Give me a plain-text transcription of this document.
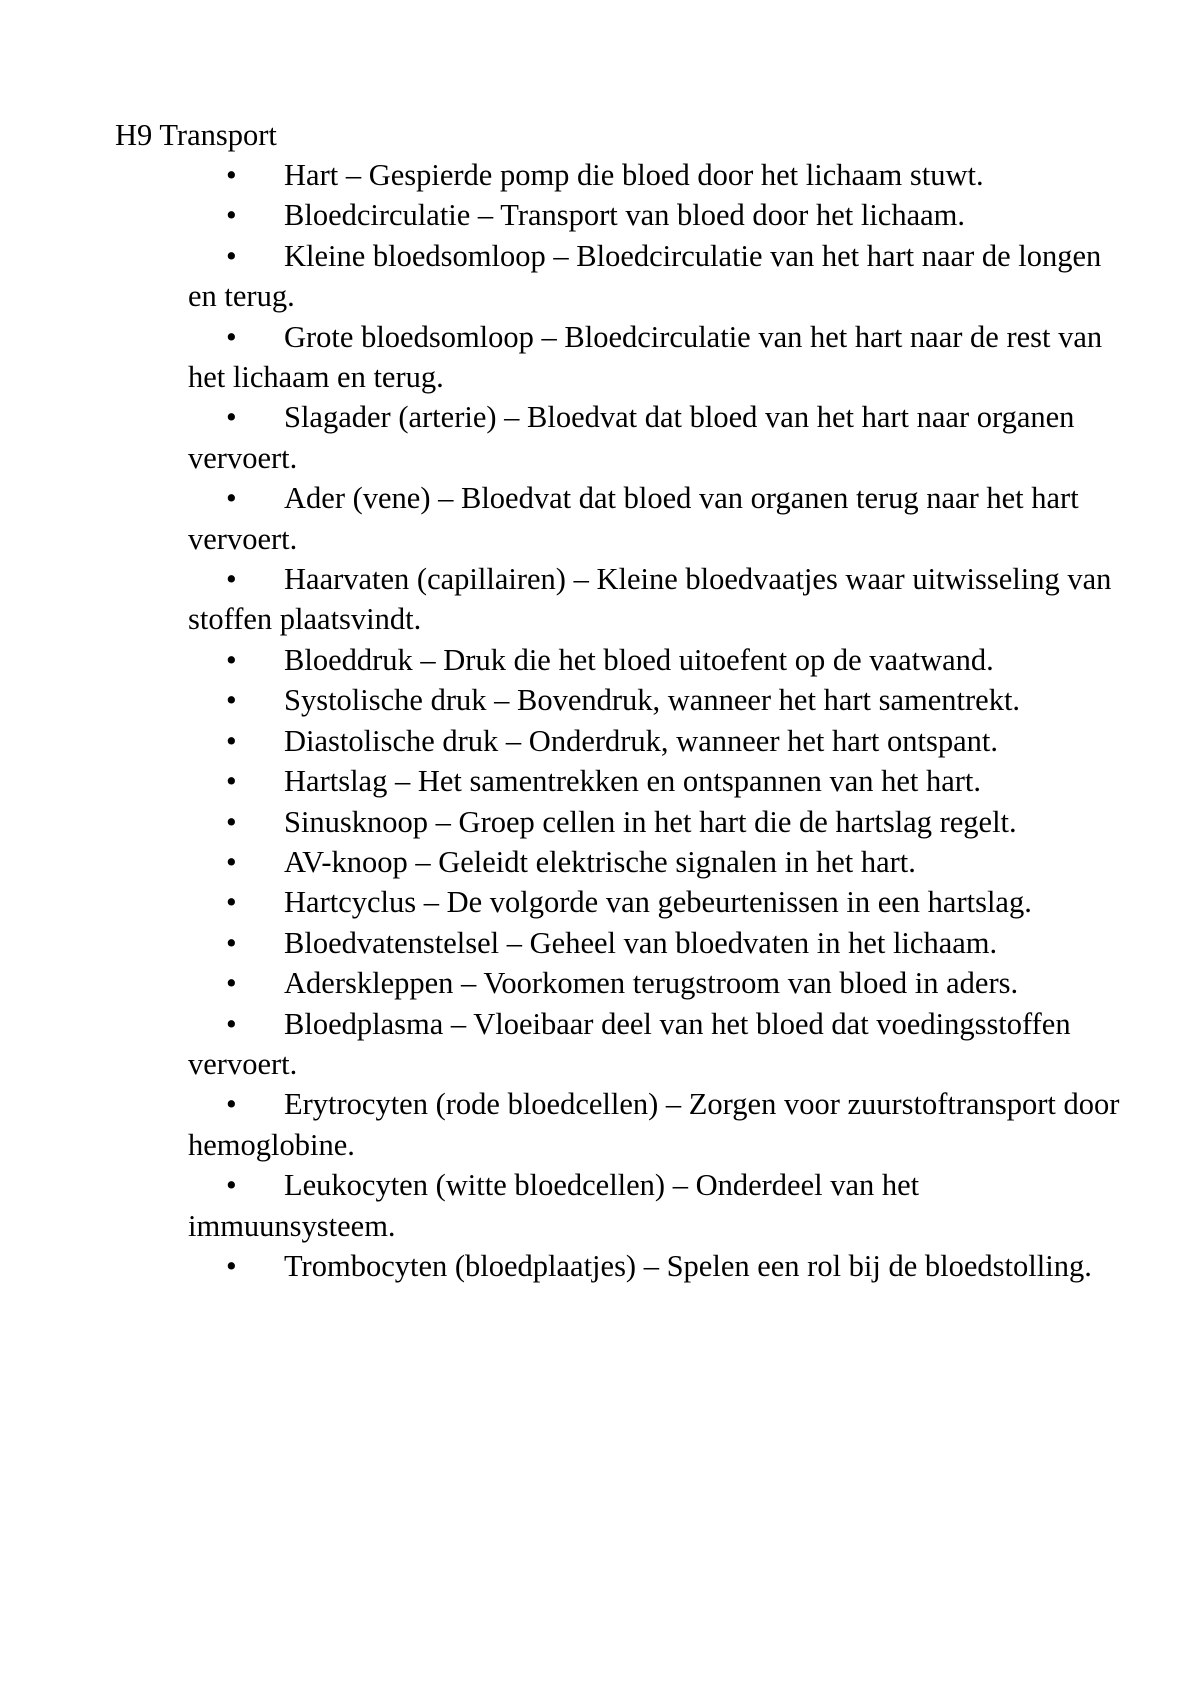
H9 Transport
• Hart – Gespierde pomp die bloed door het lichaam stuwt.
• Bloedcirculatie – Transport van bloed door het lichaam.
• Kleine bloedsomloop – Bloedcirculatie van het hart naar de longen en terug.
• Grote bloedsomloop – Bloedcirculatie van het hart naar de rest van het lichaam en terug.
• Slagader (arterie) – Bloedvat dat bloed van het hart naar organen vervoert.
• Ader (vene) – Bloedvat dat bloed van organen terug naar het hart vervoert.
• Haarvaten (capillairen) – Kleine bloedvaatjes waar uitwisseling van stoffen plaatsvindt.
• Bloeddruk – Druk die het bloed uitoefent op de vaatwand.
• Systolische druk – Bovendruk, wanneer het hart samentrekt.
• Diastolische druk – Onderdruk, wanneer het hart ontspant.
• Hartslag – Het samentrekken en ontspannen van het hart.
• Sinusknoop – Groep cellen in het hart die de hartslag regelt.
• AV-knoop – Geleidt elektrische signalen in het hart.
• Hartcyclus – De volgorde van gebeurtenissen in een hartslag.
• Bloedvatenstelsel – Geheel van bloedvaten in het lichaam.
• Aderskleppen – Voorkomen terugstroom van bloed in aders.
• Bloedplasma – Vloeibaar deel van het bloed dat voedingsstoffen vervoert.
• Erytrocyten (rode bloedcellen) – Zorgen voor zuurstoftransport door hemoglobine.
• Leukocyten (witte bloedcellen) – Onderdeel van het immuunsysteem.
• Trombocyten (bloedplaatjes) – Spelen een rol bij de bloedstolling.
